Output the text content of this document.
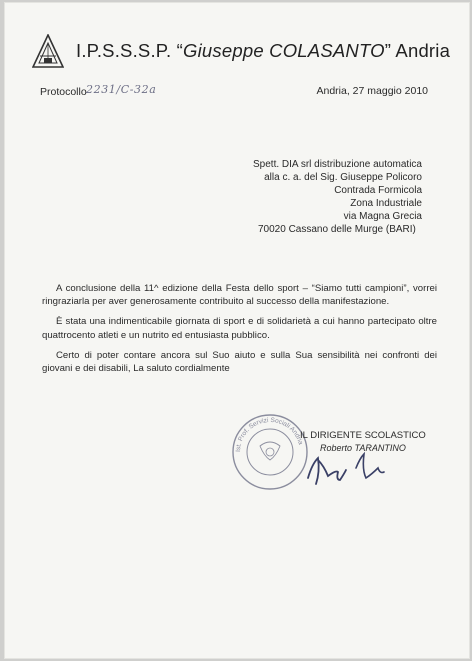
I.P.S.S.S.P. “Giuseppe COLASANTO” Andria
Protocollo 2231/C-32a	Andria, 27 maggio 2010
Spett. DIA srl distribuzione automatica
alla c. a. del Sig. Giuseppe Policoro
Contrada Formicola
Zona Industriale
via Magna Grecia
70020 Cassano delle Murge (BARI)

A conclusione della 11^ edizione della Festa dello sport – “Siamo tutti campioni”, vorrei ringraziarla per aver generosamente contribuito al successo della manifestazione.

È stata una indimenticabile giornata di sport e di solidarietà a cui hanno partecipato oltre quattrocento atleti e un nutrito ed entusiasta pubblico.

Certo di poter contare ancora sul Suo aiuto e sulla Sua sensibilità nei confronti dei giovani e dei disabili, La saluto cordialmente

Ist. Prof. Servizi Sociali Andria
IL DIRIGENTE SCOLASTICO
Roberto TARANTINO
